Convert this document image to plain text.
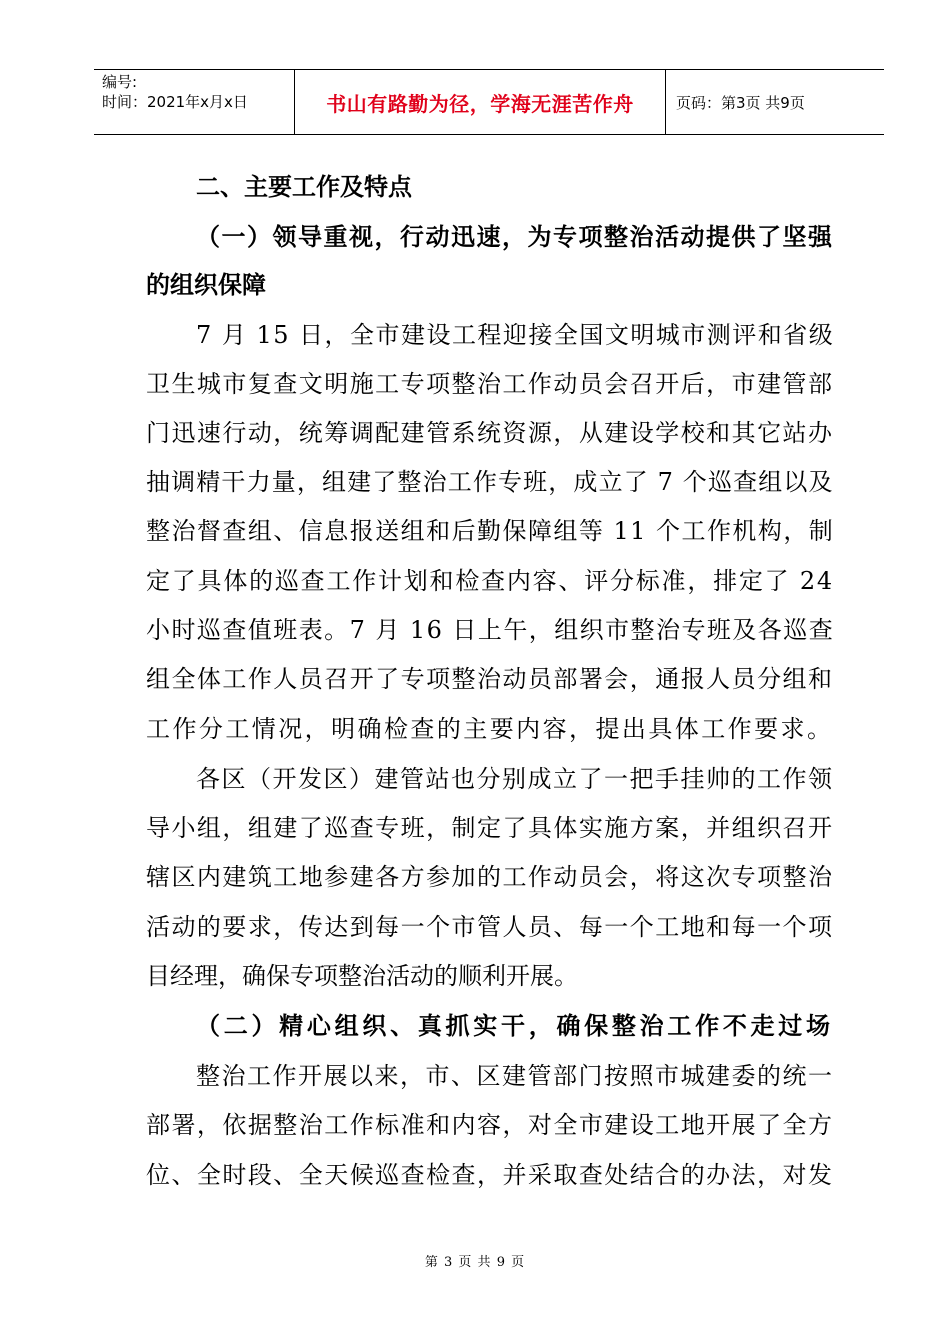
编号:
时间：2021年x月x日	书山有路勤为径，学海无涯苦作舟	页码：第3页 共9页
二、主要工作及特点
（一）领导重视，行动迅速，为专项整治活动提供了坚强
的组织保障
7 月 15 日，全市建设工程迎接全国文明城市测评和省级
卫生城市复查文明施工专项整治工作动员会召开后，市建管部
门迅速行动，统筹调配建管系统资源，从建设学校和其它站办
抽调精干力量，组建了整治工作专班，成立了 7 个巡查组以及
整治督查组、信息报送组和后勤保障组等 11 个工作机构，制
定了具体的巡查工作计划和检查内容、评分标准，排定了 24
小时巡查值班表。7 月 16 日上午，组织市整治专班及各巡查
组全体工作人员召开了专项整治动员部署会，通报人员分组和
工作分工情况，明确检查的主要内容，提出具体工作要求。
各区（开发区）建管站也分别成立了一把手挂帅的工作领
导小组，组建了巡查专班，制定了具体实施方案，并组织召开
辖区内建筑工地参建各方参加的工作动员会，将这次专项整治
活动的要求，传达到每一个市管人员、每一个工地和每一个项
目经理，确保专项整治活动的顺利开展。
（二）精心组织、真抓实干，确保整治工作不走过场
整治工作开展以来，市、区建管部门按照市城建委的统一
部署，依据整治工作标准和内容，对全市建设工地开展了全方
位、全时段、全天候巡查检查，并采取查处结合的办法，对发
第 3 页 共 9 页
